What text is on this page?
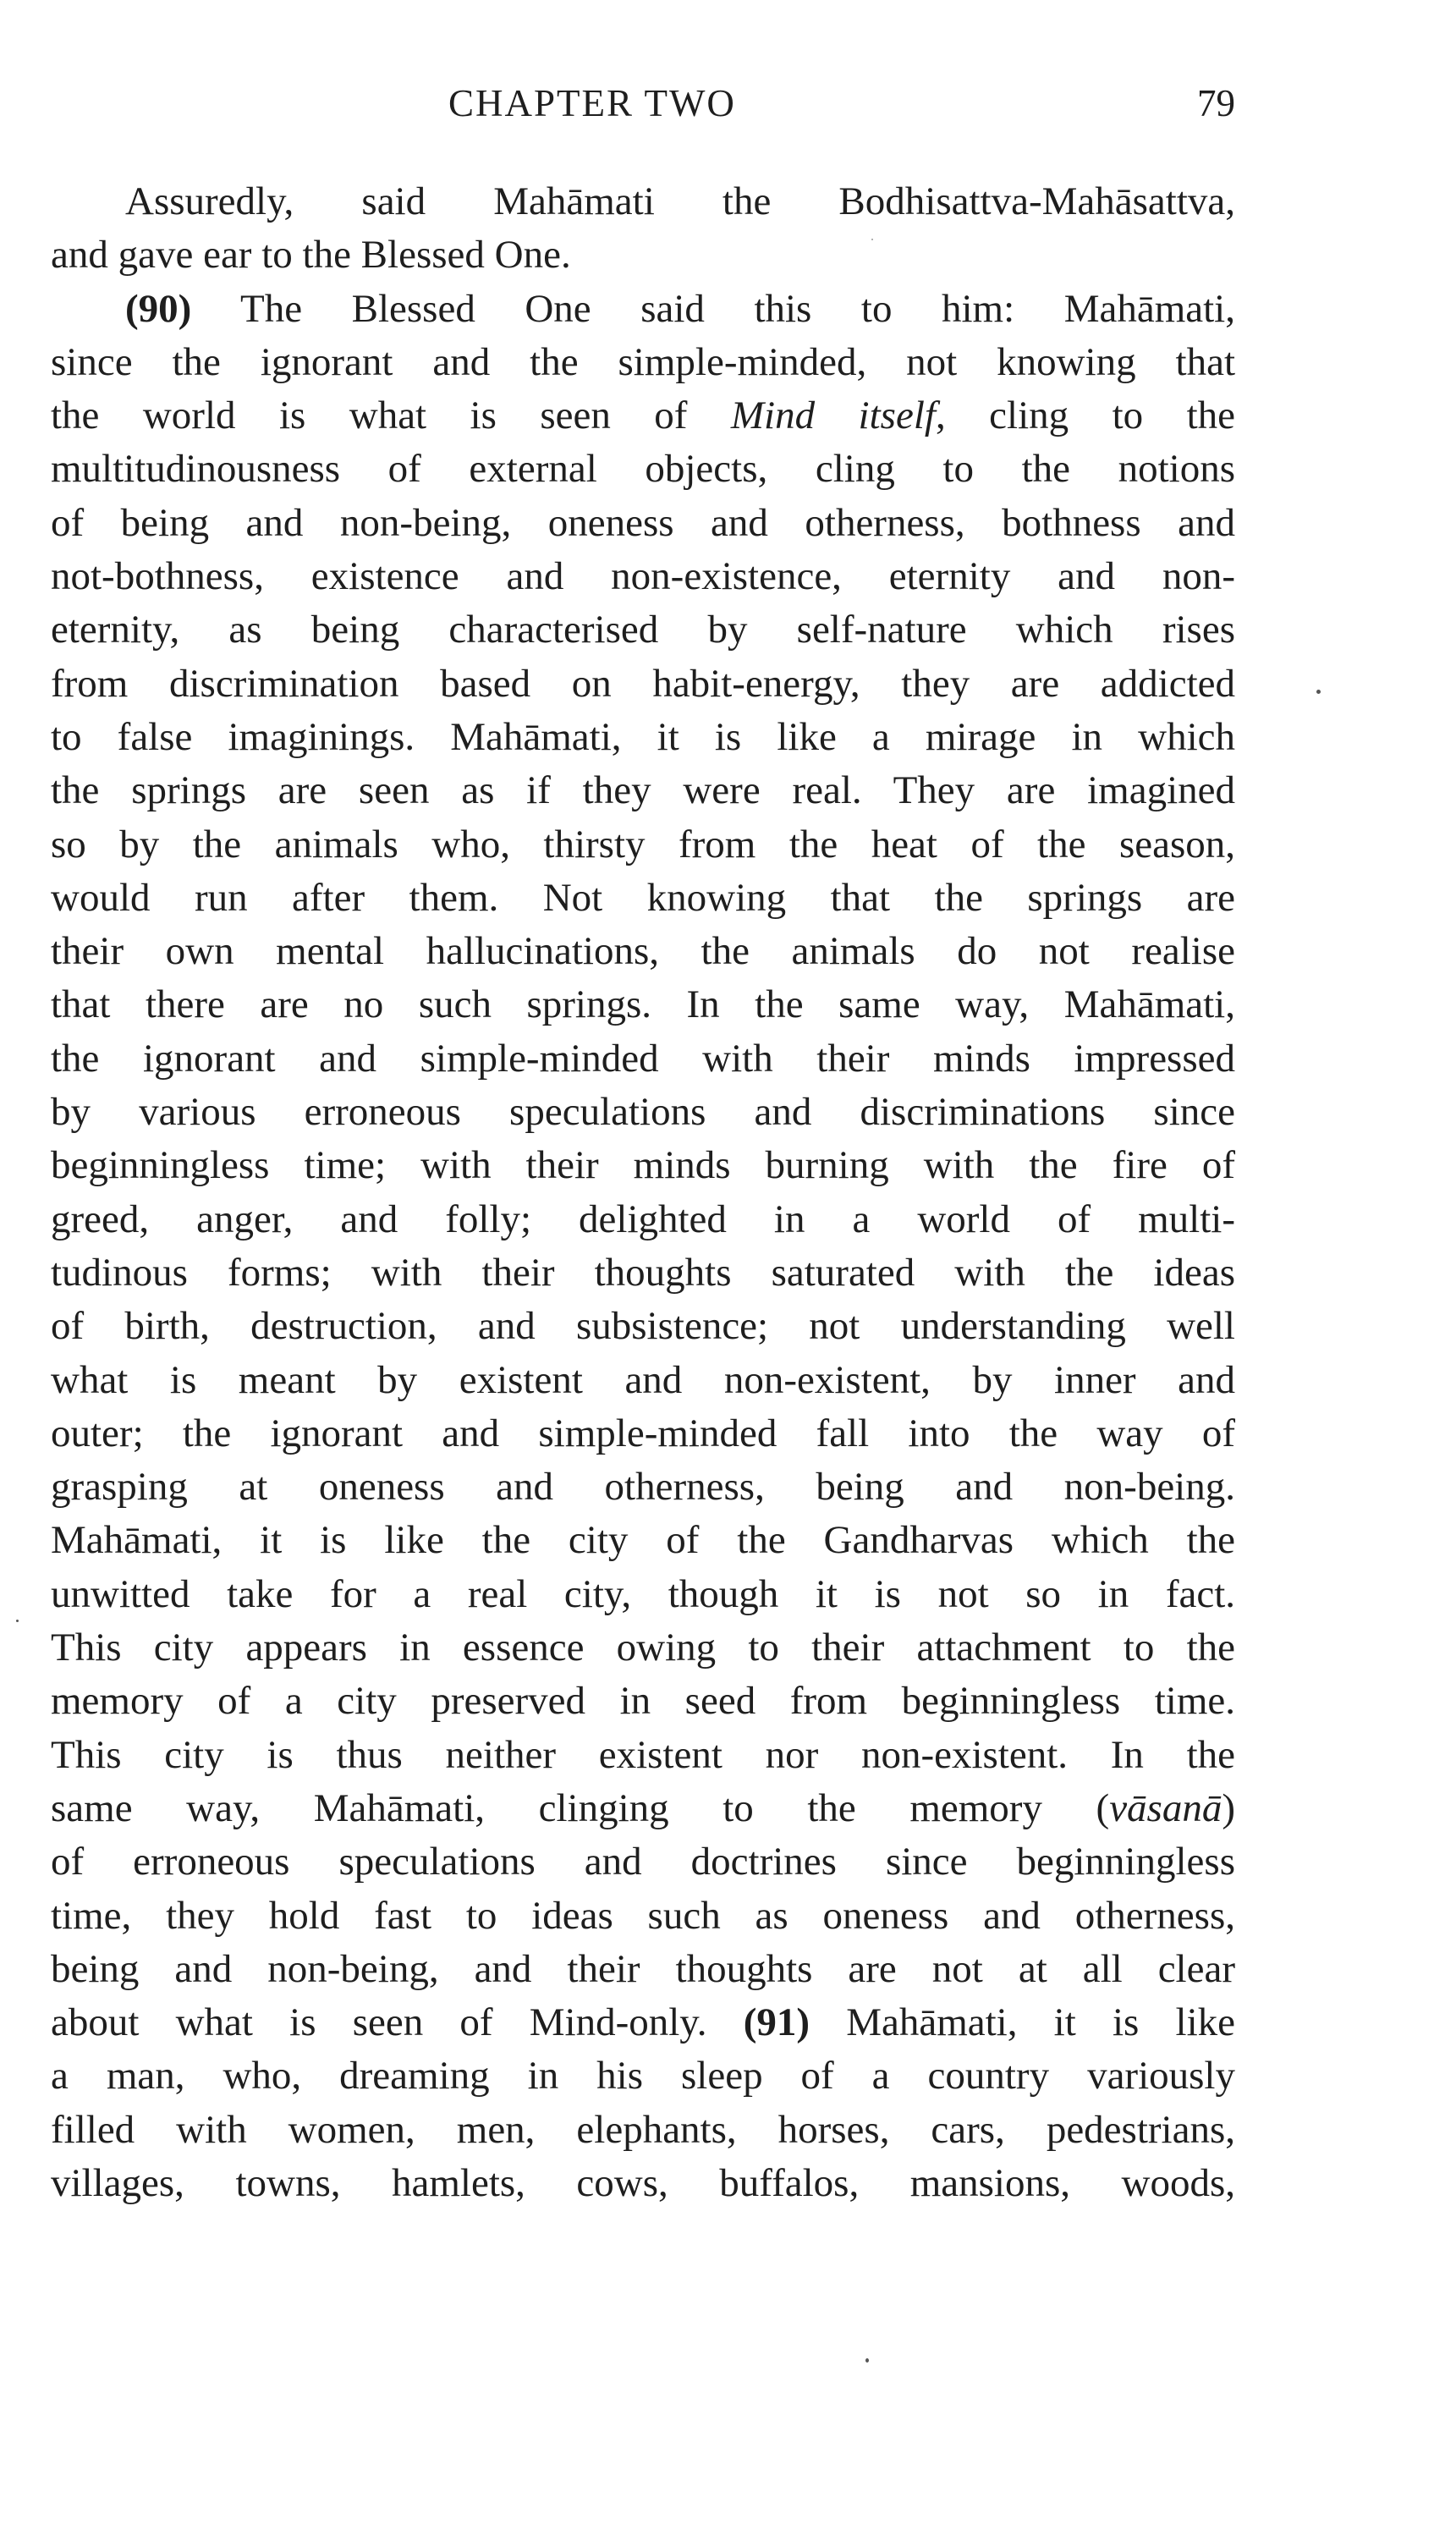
CHAPTER TWO	79
Assuredly, said Mahāmati the Bodhisattva-Mahāsattva,
and gave ear to the Blessed One.
(90) The Blessed One said this to him: Mahāmati,
since the ignorant and the simple-minded, not knowing that
the world is what is seen of Mind itself, cling to the
multitudinousness of external objects, cling to the notions
of being and non-being, oneness and otherness, bothness and
not-bothness, existence and non-existence, eternity and non-
eternity, as being characterised by self-nature which rises
from discrimination based on habit-energy, they are addicted
to false imaginings. Mahāmati, it is like a mirage in which
the springs are seen as if they were real. They are imagined
so by the animals who, thirsty from the heat of the season,
would run after them. Not knowing that the springs are
their own mental hallucinations, the animals do not realise
that there are no such springs. In the same way, Mahāmati,
the ignorant and simple-minded with their minds impressed
by various erroneous speculations and discriminations since
beginningless time; with their minds burning with the fire of
greed, anger, and folly; delighted in a world of multi-
tudinous forms; with their thoughts saturated with the ideas
of birth, destruction, and subsistence; not understanding well
what is meant by existent and non-existent, by inner and
outer; the ignorant and simple-minded fall into the way of
grasping at oneness and otherness, being and non-being.
Mahāmati, it is like the city of the Gandharvas which the
unwitted take for a real city, though it is not so in fact.
This city appears in essence owing to their attachment to the
memory of a city preserved in seed from beginningless time.
This city is thus neither existent nor non-existent. In the
same way, Mahāmati, clinging to the memory (vāsanā)
of erroneous speculations and doctrines since beginningless
time, they hold fast to ideas such as oneness and otherness,
being and non-being, and their thoughts are not at all clear
about what is seen of Mind-only. (91) Mahāmati, it is like
a man, who, dreaming in his sleep of a country variously
filled with women, men, elephants, horses, cars, pedestrians,
villages, towns, hamlets, cows, buffalos, mansions, woods,
